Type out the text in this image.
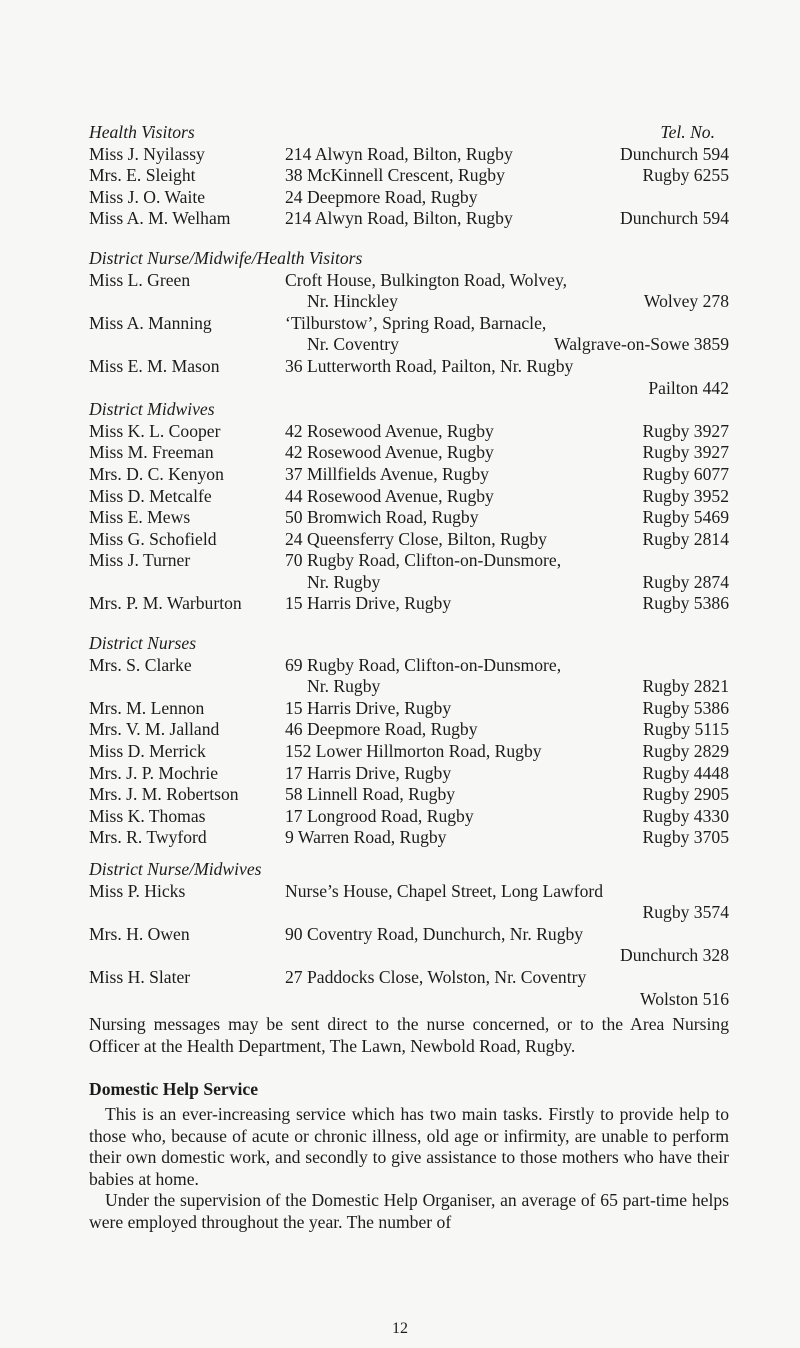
Health Visitors	Tel. No.
Miss J. Nyilassy	214 Alwyn Road, Bilton, Rugby	Dunchurch 594
Mrs. E. Sleight	38 McKinnell Crescent, Rugby	Rugby 6255
Miss J. O. Waite	24 Deepmore Road, Rugby
Miss A. M. Welham	214 Alwyn Road, Bilton, Rugby	Dunchurch 594
District Nurse/Midwife/Health Visitors
Miss L. Green	Croft House, Bulkington Road, Wolvey,
Nr. Hinckley	Wolvey 278
Miss A. Manning	‘Tilburstow’, Spring Road, Barnacle,
Nr. Coventry	Walgrave-on-Sowe 3859
Miss E. M. Mason	36 Lutterworth Road, Pailton, Nr. Rugby
Pailton 442
District Midwives
Miss K. L. Cooper	42 Rosewood Avenue, Rugby	Rugby 3927
Miss M. Freeman	42 Rosewood Avenue, Rugby	Rugby 3927
Mrs. D. C. Kenyon	37 Millfields Avenue, Rugby	Rugby 6077
Miss D. Metcalfe	44 Rosewood Avenue, Rugby	Rugby 3952
Miss E. Mews	50 Bromwich Road, Rugby	Rugby 5469
Miss G. Schofield	24 Queensferry Close, Bilton, Rugby	Rugby 2814
Miss J. Turner	70 Rugby Road, Clifton-on-Dunsmore,
Nr. Rugby	Rugby 2874
Mrs. P. M. Warburton 15 Harris Drive, Rugby	Rugby 5386
District Nurses
Mrs. S. Clarke	69 Rugby Road, Clifton-on-Dunsmore,
Nr. Rugby	Rugby 2821
Mrs. M. Lennon	15 Harris Drive, Rugby	Rugby 5386
Mrs. V. M. Jalland	46 Deepmore Road, Rugby	Rugby 5115
Miss D. Merrick	152 Lower Hillmorton Road, Rugby	Rugby 2829
Mrs. J. P. Mochrie	17 Harris Drive, Rugby	Rugby 4448
Mrs. J. M. Robertson	58 Linnell Road, Rugby	Rugby 2905
Miss K. Thomas	17 Longrood Road, Rugby	Rugby 4330
Mrs. R. Twyford	9 Warren Road, Rugby	Rugby 3705
District Nurse/Midwives
Miss P. Hicks	Nurse’s House, Chapel Street, Long Lawford
Rugby 3574
Mrs. H. Owen	90 Coventry Road, Dunchurch, Nr. Rugby
Dunchurch 328
Miss H. Slater	27 Paddocks Close, Wolston, Nr. Coventry
Wolston 516

Nursing messages may be sent direct to the nurse concerned, or to the Area Nursing Officer at the Health Department, The Lawn, Newbold Road, Rugby.

Domestic Help Service

This is an ever-increasing service which has two main tasks. Firstly to provide help to those who, because of acute or chronic illness, old age or infirmity, are unable to perform their own domestic work, and secondly to give assistance to those mothers who have their babies at home.

Under the supervision of the Domestic Help Organiser, an average of 65 part-time helps were employed throughout the year. The number of

12
